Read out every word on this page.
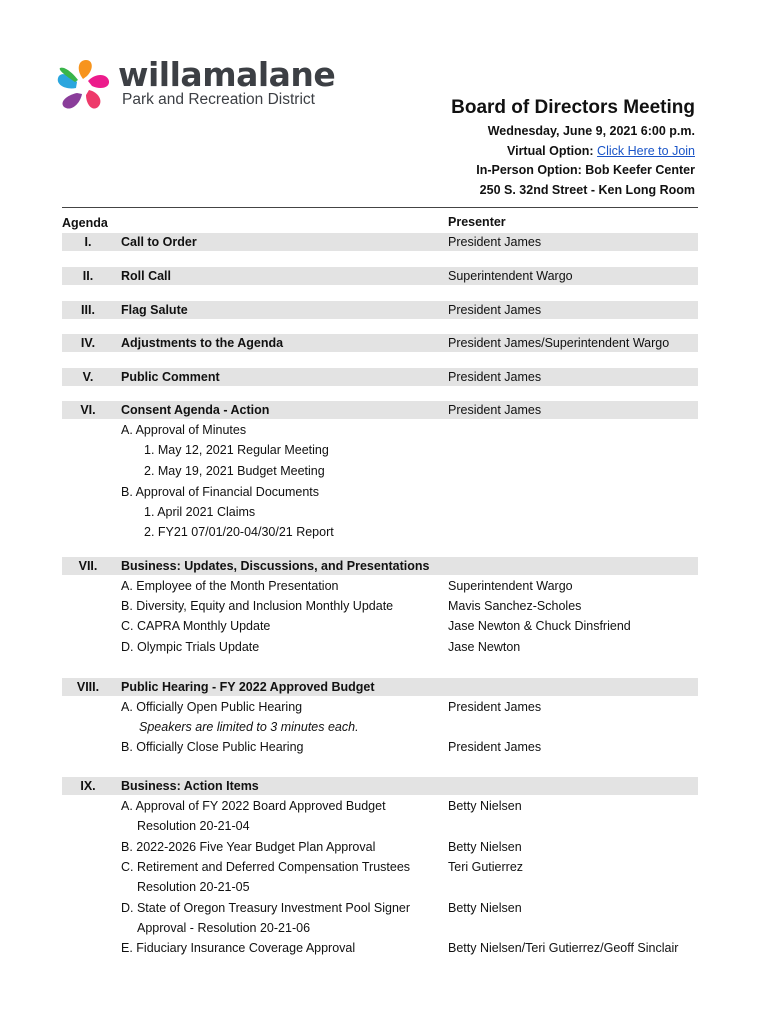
willamalane
Park and Recreation District	Board of Directors Meeting
Wednesday, June 9, 2021 6:00 p.m.
Virtual Option: Click Here to Join
In-Person Option: Bob Keefer Center
250 S. 32nd Street - Ken Long Room
Agenda	Presenter
I.	Call to Order	President James
II.	Roll Call	Superintendent Wargo
III.	Flag Salute	President James
IV.	Adjustments to the Agenda	President James/Superintendent Wargo
V.	Public Comment	President James
VI.	Consent Agenda - Action	President James
A. Approval of Minutes
1. May 12, 2021 Regular Meeting
2. May 19, 2021 Budget Meeting
B. Approval of Financial Documents
1. April 2021 Claims
2. FY21 07/01/20-04/30/21 Report
VII.	Business: Updates, Discussions, and Presentations
A. Employee of the Month Presentation	Superintendent Wargo
B. Diversity, Equity and Inclusion Monthly Update	Mavis Sanchez-Scholes
C. CAPRA Monthly Update	Jase Newton & Chuck Dinsfriend
D. Olympic Trials Update	Jase Newton
VIII.	Public Hearing - FY 2022 Approved Budget
A. Officially Open Public Hearing	President James
Speakers are limited to 3 minutes each.
B. Officially Close Public Hearing	President James
IX.	Business: Action Items
A. Approval of FY 2022 Board Approved Budget	Betty Nielsen
Resolution 20-21-04
B. 2022-2026 Five Year Budget Plan Approval	Betty Nielsen
C. Retirement and Deferred Compensation Trustees	Teri Gutierrez
Resolution 20-21-05
D. State of Oregon Treasury Investment Pool Signer	Betty Nielsen
Approval - Resolution 20-21-06
E. Fiduciary Insurance Coverage Approval	Betty Nielsen/Teri Gutierrez/Geoff Sinclair
